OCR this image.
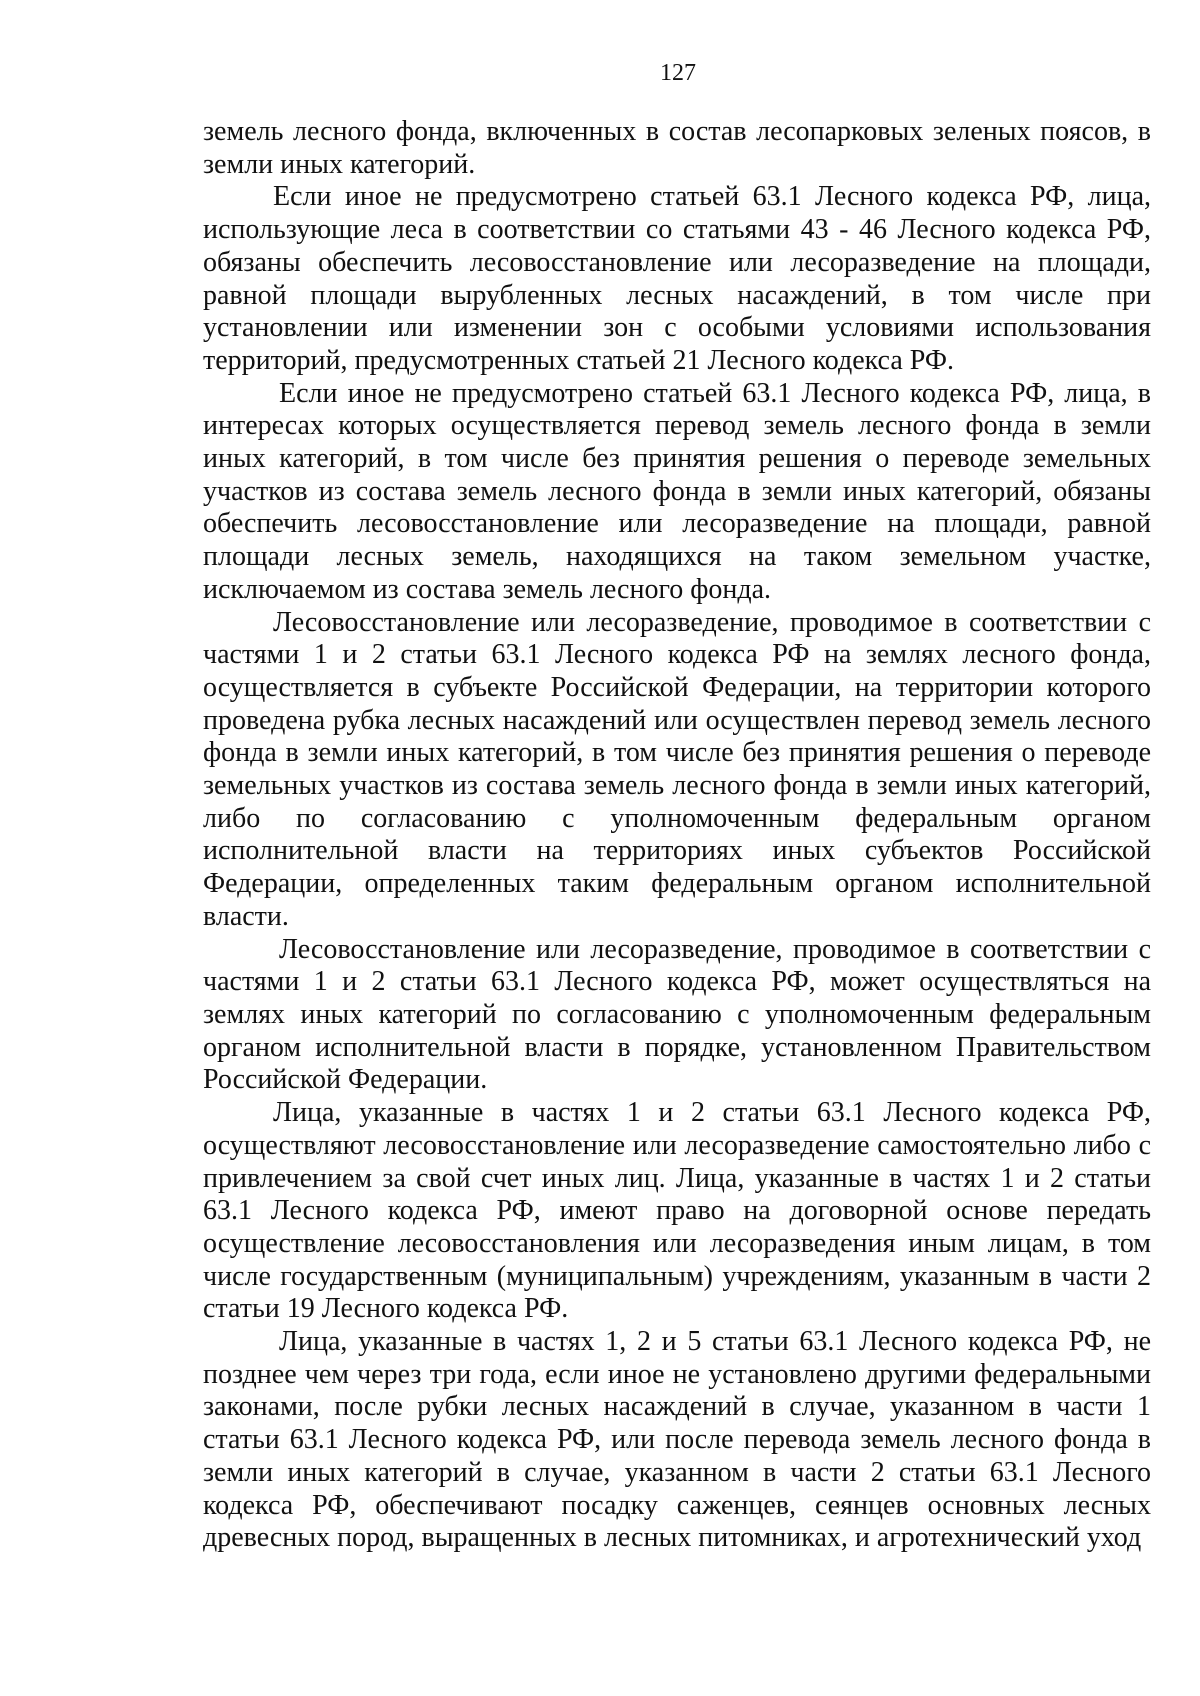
127

земель лесного фонда, включенных в состав лесопарковых зеленых поясов, в земли иных категорий.

Если иное не предусмотрено статьей 63.1 Лесного кодекса РФ, лица, использующие леса в соответствии со статьями 43 - 46 Лесного кодекса РФ, обязаны обеспечить лесовосстановление или лесоразведение на площади, равной площади вырубленных лесных насаждений, в том числе при установлении или изменении зон с особыми условиями использования территорий, предусмотренных статьей 21 Лесного кодекса РФ.

Если иное не предусмотрено статьей 63.1 Лесного кодекса РФ, лица, в интересах которых осуществляется перевод земель лесного фонда в земли иных категорий, в том числе без принятия решения о переводе земельных участков из состава земель лесного фонда в земли иных категорий, обязаны обеспечить лесовосстановление или лесоразведение на площади, равной площади лесных земель, находящихся на таком земельном участке, исключаемом из состава земель лесного фонда.

Лесовосстановление или лесоразведение, проводимое в соответствии с частями 1 и 2 статьи 63.1 Лесного кодекса РФ на землях лесного фонда, осуществляется в субъекте Российской Федерации, на территории которого проведена рубка лесных насаждений или осуществлен перевод земель лесного фонда в земли иных категорий, в том числе без принятия решения о переводе земельных участков из состава земель лесного фонда в земли иных категорий, либо по согласованию с уполномоченным федеральным органом исполнительной власти на территориях иных субъектов Российской Федерации, определенных таким федеральным органом исполнительной власти.

Лесовосстановление или лесоразведение, проводимое в соответствии с частями 1 и 2 статьи 63.1 Лесного кодекса РФ, может осуществляться на землях иных категорий по согласованию с уполномоченным федеральным органом исполнительной власти в порядке, установленном Правительством Российской Федерации.

Лица, указанные в частях 1 и 2 статьи 63.1 Лесного кодекса РФ, осуществляют лесовосстановление или лесоразведение самостоятельно либо с привлечением за свой счет иных лиц. Лица, указанные в частях 1 и 2 статьи 63.1 Лесного кодекса РФ, имеют право на договорной основе передать осуществление лесовосстановления или лесоразведения иным лицам, в том числе государственным (муниципальным) учреждениям, указанным в части 2 статьи 19 Лесного кодекса РФ.

Лица, указанные в частях 1, 2 и 5 статьи 63.1 Лесного кодекса РФ, не позднее чем через три года, если иное не установлено другими федеральными законами, после рубки лесных насаждений в случае, указанном в части 1 статьи 63.1 Лесного кодекса РФ, или после перевода земель лесного фонда в земли иных категорий в случае, указанном в части 2 статьи 63.1 Лесного кодекса РФ, обеспечивают посадку саженцев, сеянцев основных лесных древесных пород, выращенных в лесных питомниках, и агротехнический уход
